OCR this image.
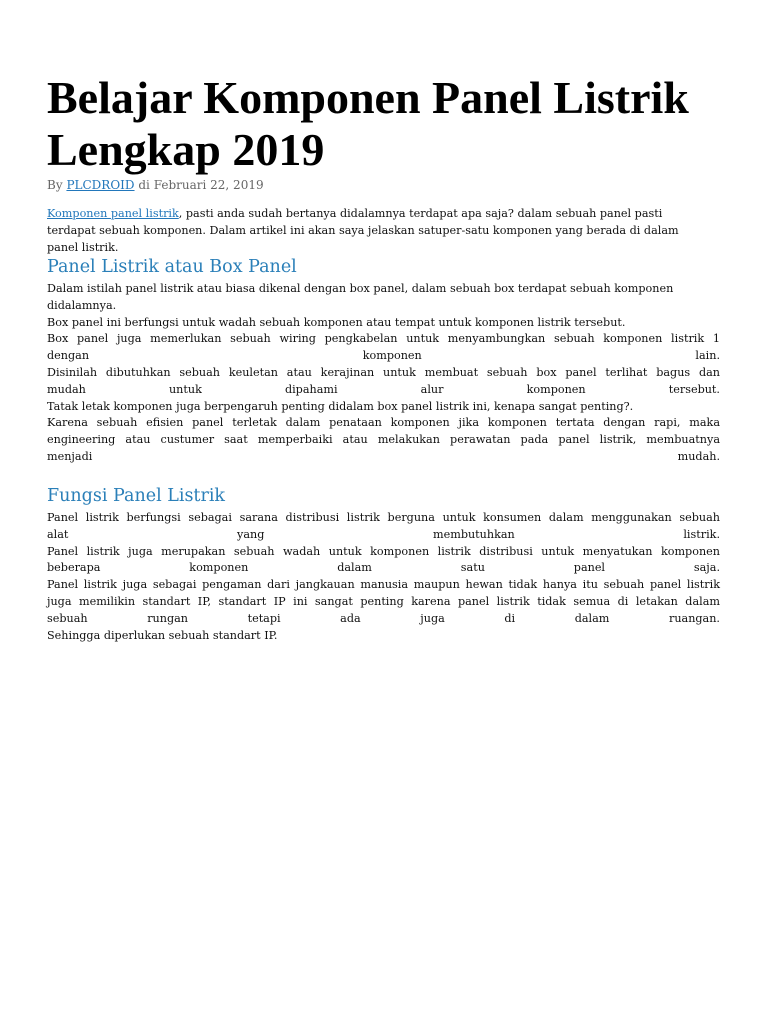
Belajar Komponen Panel Listrik Lengkap 2019
By PLCDROID di Februari 22, 2019
Komponen panel listrik, pasti anda sudah bertanya didalamnya terdapat apa saja? dalam sebuah panel pasti
terdapat sebuah komponen. Dalam artikel ini akan saya jelaskan satuper-satu komponen yang berada di dalam
panel listrik.
Panel Listrik atau Box Panel
Dalam istilah panel listrik atau biasa dikenal dengan box panel, dalam sebuah box terdapat sebuah komponen
didalamnya.
Box panel ini berfungsi untuk wadah sebuah komponen atau tempat untuk komponen listrik tersebut.
Box panel juga memerlukan sebuah wiring pengkabelan untuk menyambungkan sebuah komponen listrik 1
dengan komponen lain.
Disinilah dibutuhkan sebuah keuletan atau kerajinan untuk membuat sebuah box panel terlihat bagus dan
mudah untuk dipahami alur komponen tersebut.
Tatak letak komponen juga berpengaruh penting didalam box panel listrik ini, kenapa sangat penting?.
Karena sebuah efisien panel terletak dalam penataan komponen jika komponen tertata dengan rapi, maka
engineering atau custumer saat memperbaiki atau melakukan perawatan pada panel listrik, membuatnya
menjadi mudah.
Fungsi Panel Listrik
Panel listrik berfungsi sebagai sarana distribusi listrik berguna untuk konsumen dalam menggunakan sebuah
alat yang membutuhkan listrik.
Panel listrik juga merupakan sebuah wadah untuk komponen listrik distribusi untuk menyatukan komponen
beberapa komponen dalam satu panel saja.
Panel listrik juga sebagai pengaman dari jangkauan manusia maupun hewan tidak hanya itu sebuah panel listrik
juga memilikin standart IP, standart IP ini sangat penting karena panel listrik tidak semua di letakan dalam
sebuah rungan tetapi ada juga di dalam ruangan.
Sehingga diperlukan sebuah standart IP.
